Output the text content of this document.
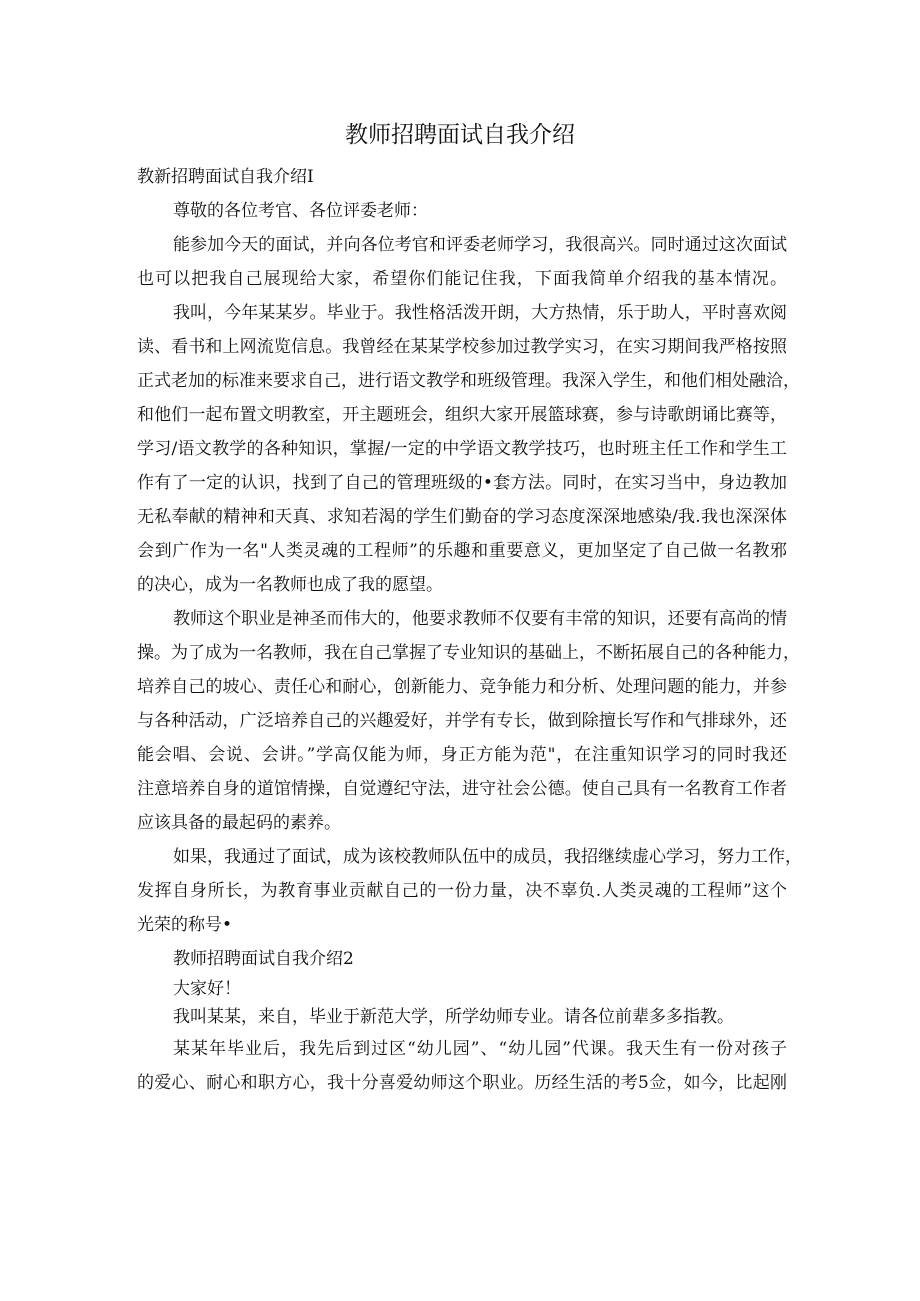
教师招聘面试自我介绍
教新招聘面试自我介绍I
尊敬的各位考官、各位评委老师：
能参加今天的面试，并向各位考官和评委老师学习，我很高兴。同时通过这次面试
也可以把我自己展现给大家，希望你们能记住我，下面我简单介绍我的基本情况。
我叫，今年某某岁。毕业于。我性格活泼开朗，大方热情，乐于助人，平时喜欢阅
读、看书和上网流览信息。我曾经在某某学校参加过教学实习，在实习期间我严格按照
正式老加的标准来要求自己，进行语文教学和班级管理。我深入学生，和他们相处融洽，
和他们一起布置文明教室，开主题班会，组织大家开展篮球赛，参与诗歌朗诵比赛等，
学习/语文教学的各种知识，掌握/一定的中学语文教学技巧，也时班主任工作和学生工
作有了一定的认识，找到了自己的管理班级的•套方法。同时，在实习当中，身边教加
无私奉献的精神和天真、求知若渴的学生们勤奋的学习态度深深地感染/我.我也深深体
会到广作为一名"人类灵魂的工程师”的乐趣和重要意义，更加坚定了自己做一名教邪
的决心，成为一名教师也成了我的愿望。
教师这个职业是神圣而伟大的，他要求教师不仅要有丰常的知识，还要有高尚的情
操。为了成为一名教师，我在自己掌握了专业知识的基础上，不断拓展自己的各种能力，
培养自己的坡心、责任心和耐心，创新能力、竞争能力和分析、处理问题的能力，并参
与各种活动，广泛培养自己的兴趣爱好，并学有专长，做到除擅长写作和气排球外，还
能会唱、会说、会讲。”学高仅能为师，身正方能为范"，在注重知识学习的同时我还
注意培养自身的道馆情操，自觉遵纪守法，进守社会公德。使自己具有一名教育工作者
应该具备的最起码的素养。
如果，我通过了面试，成为该校教师队伍中的成员，我招继续虚心学习，努力工作，
发挥自身所长，为教育事业贡献自己的一份力量，决不辜负.人类灵魂的工程师”这个
光荣的称号•
教师招聘面试自我介绍2
大家好！
我叫某某，来自，毕业于新范大学，所学幼师专业。请各位前辈多多指教。
某某年毕业后，我先后到过区“幼儿园”、“幼儿园”代课。我天生有一份对孩子
的爱心、耐心和职方心，我十分喜爱幼师这个职业。历经生活的考5佥，如今，比起刚
